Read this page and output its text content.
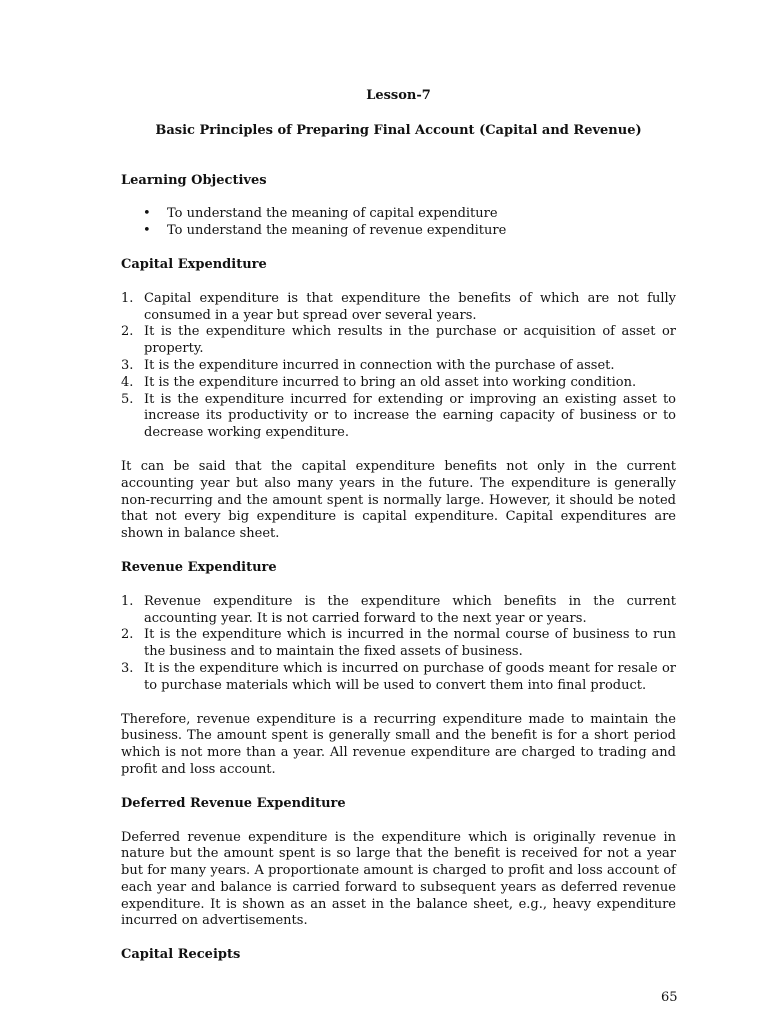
Lesson-7
Basic Principles of Preparing Final Account (Capital and Revenue)
Learning Objectives
• To understand the meaning of capital expenditure
• To understand the meaning of revenue expenditure
Capital Expenditure
1. Capital expenditure is that expenditure the benefits of which are not fully consumed in a year but spread over several years.
2. It is the expenditure which results in the purchase or acquisition of asset or property.
3. It is the expenditure incurred in connection with the purchase of asset.
4. It is the expenditure incurred to bring an old asset into working condition.
5. It is the expenditure incurred for extending or improving an existing asset to increase its productivity or to increase the earning capacity of business or to decrease working expenditure.

It can be said that the capital expenditure benefits not only in the current accounting year but also many years in the future. The expenditure is generally non-recurring and the amount spent is normally large. However, it should be noted that not every big expenditure is capital expenditure. Capital expenditures are shown in balance sheet.

Revenue Expenditure
1. Revenue expenditure is the expenditure which benefits in the current accounting year. It is not carried forward to the next year or years.
2. It is the expenditure which is incurred in the normal course of business to run the business and to maintain the fixed assets of business.
3. It is the expenditure which is incurred on purchase of goods meant for resale or to purchase materials which will be used to convert them into final product.

Therefore, revenue expenditure is a recurring expenditure made to maintain the business. The amount spent is generally small and the benefit is for a short period which is not more than a year. All revenue expenditure are charged to trading and profit and loss account.

Deferred Revenue Expenditure

Deferred revenue expenditure is the expenditure which is originally revenue in nature but the amount spent is so large that the benefit is received for not a year but for many years. A proportionate amount is charged to profit and loss account of each year and balance is carried forward to subsequent years as deferred revenue expenditure. It is shown as an asset in the balance sheet, e.g., heavy expenditure incurred on advertisements.

Capital Receipts
65
